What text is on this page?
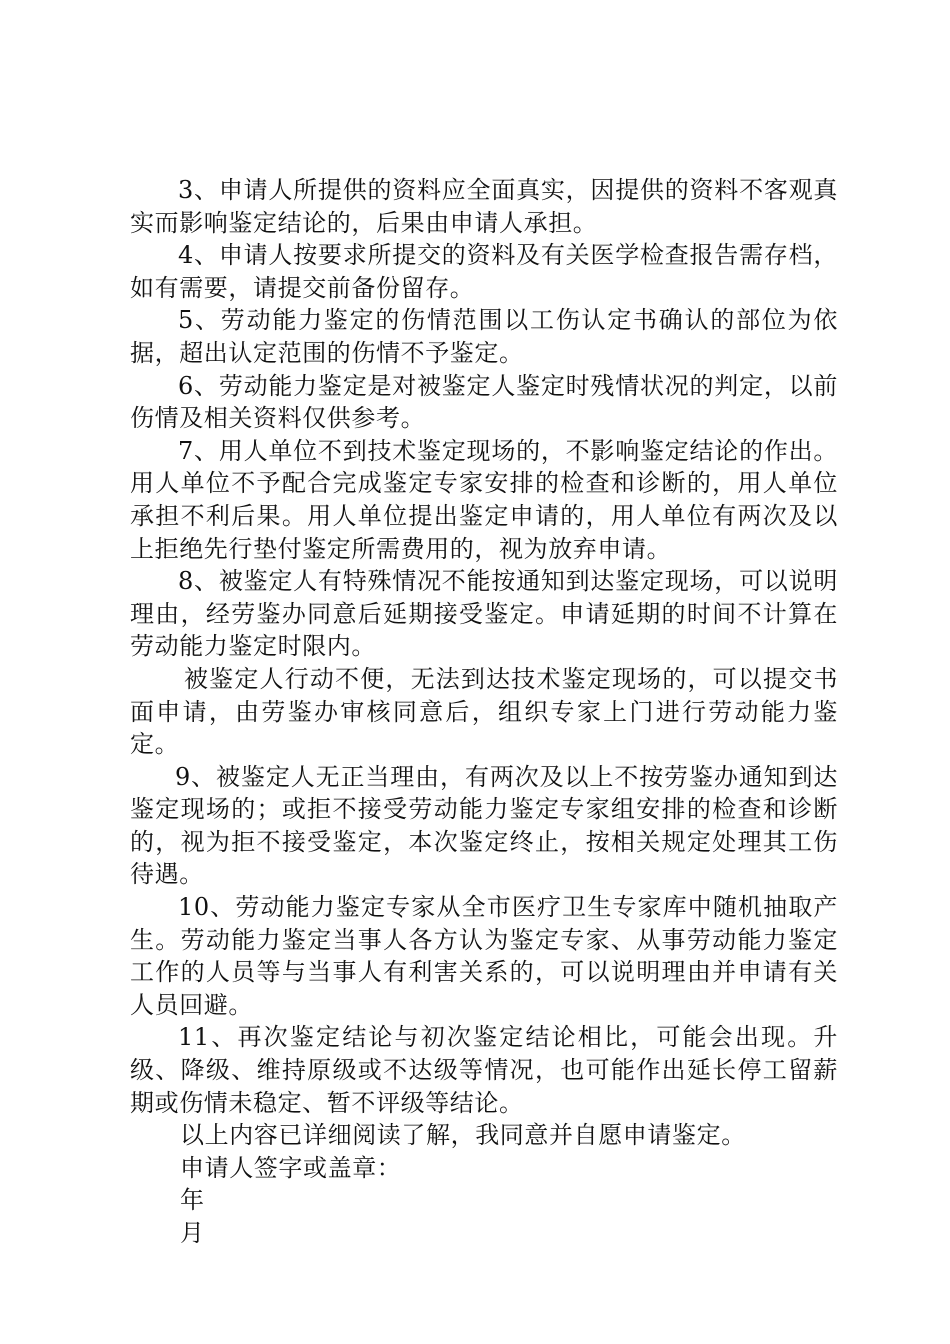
3、申请人所提供的资料应全面真实，因提供的资料不客观真实而影响鉴定结论的，后果由申请人承担。

4、申请人按要求所提交的资料及有关医学检查报告需存档，如有需要，请提交前备份留存。

5、劳动能力鉴定的伤情范围以工伤认定书确认的部位为依据，超出认定范围的伤情不予鉴定。

6、劳动能力鉴定是对被鉴定人鉴定时残情状况的判定，以前伤情及相关资料仅供参考。

7、用人单位不到技术鉴定现场的，不影响鉴定结论的作出。用人单位不予配合完成鉴定专家安排的检查和诊断的，用人单位承担不利后果。用人单位提出鉴定申请的，用人单位有两次及以上拒绝先行垫付鉴定所需费用的，视为放弃申请。

8、被鉴定人有特殊情况不能按通知到达鉴定现场，可以说明理由，经劳鉴办同意后延期接受鉴定。申请延期的时间不计算在劳动能力鉴定时限内。

被鉴定人行动不便，无法到达技术鉴定现场的，可以提交书面申请，由劳鉴办审核同意后，组织专家上门进行劳动能力鉴定。

9、被鉴定人无正当理由，有两次及以上不按劳鉴办通知到达鉴定现场的；或拒不接受劳动能力鉴定专家组安排的检查和诊断的，视为拒不接受鉴定，本次鉴定终止，按相关规定处理其工伤待遇。

10、劳动能力鉴定专家从全市医疗卫生专家库中随机抽取产生。劳动能力鉴定当事人各方认为鉴定专家、从事劳动能力鉴定工作的人员等与当事人有利害关系的，可以说明理由并申请有关人员回避。

11、再次鉴定结论与初次鉴定结论相比，可能会出现。升级、降级、维持原级或不达级等情况，也可能作出延长停工留薪期或伤情未稳定、暂不评级等结论。

以上内容已详细阅读了解，我同意并自愿申请鉴定。

申请人签字或盖章：

年

月
